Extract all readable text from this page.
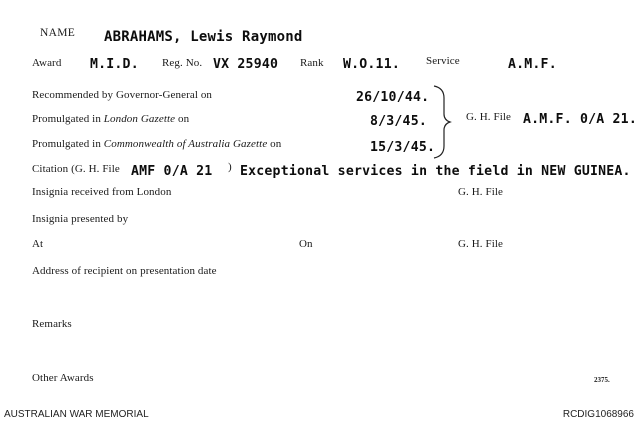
NAME ABRAHAMS, Lewis Raymond
Award M.I.D. Reg. No. VX 25940 Rank W.O.11. Service	A.M.F.
Recommended by Governor-General on	26/10/44.
Promulgated in London Gazette on	8/3/45.
Promulgated in Commonwealth of Australia Gazette on	15/3/45.
G. H. File A.M.F. 0/A 21.
Citation (G. H. File AMF 0/A 21 ) Exceptional services in the field in NEW GUINEA.
Insignia received from London	G. H. File
Insignia presented by
At	On	G. H. File
Address of recipient on presentation date
Remarks
Other Awards	2375.
AUSTRALIAN WAR MEMORIAL	RCDIG1068966
